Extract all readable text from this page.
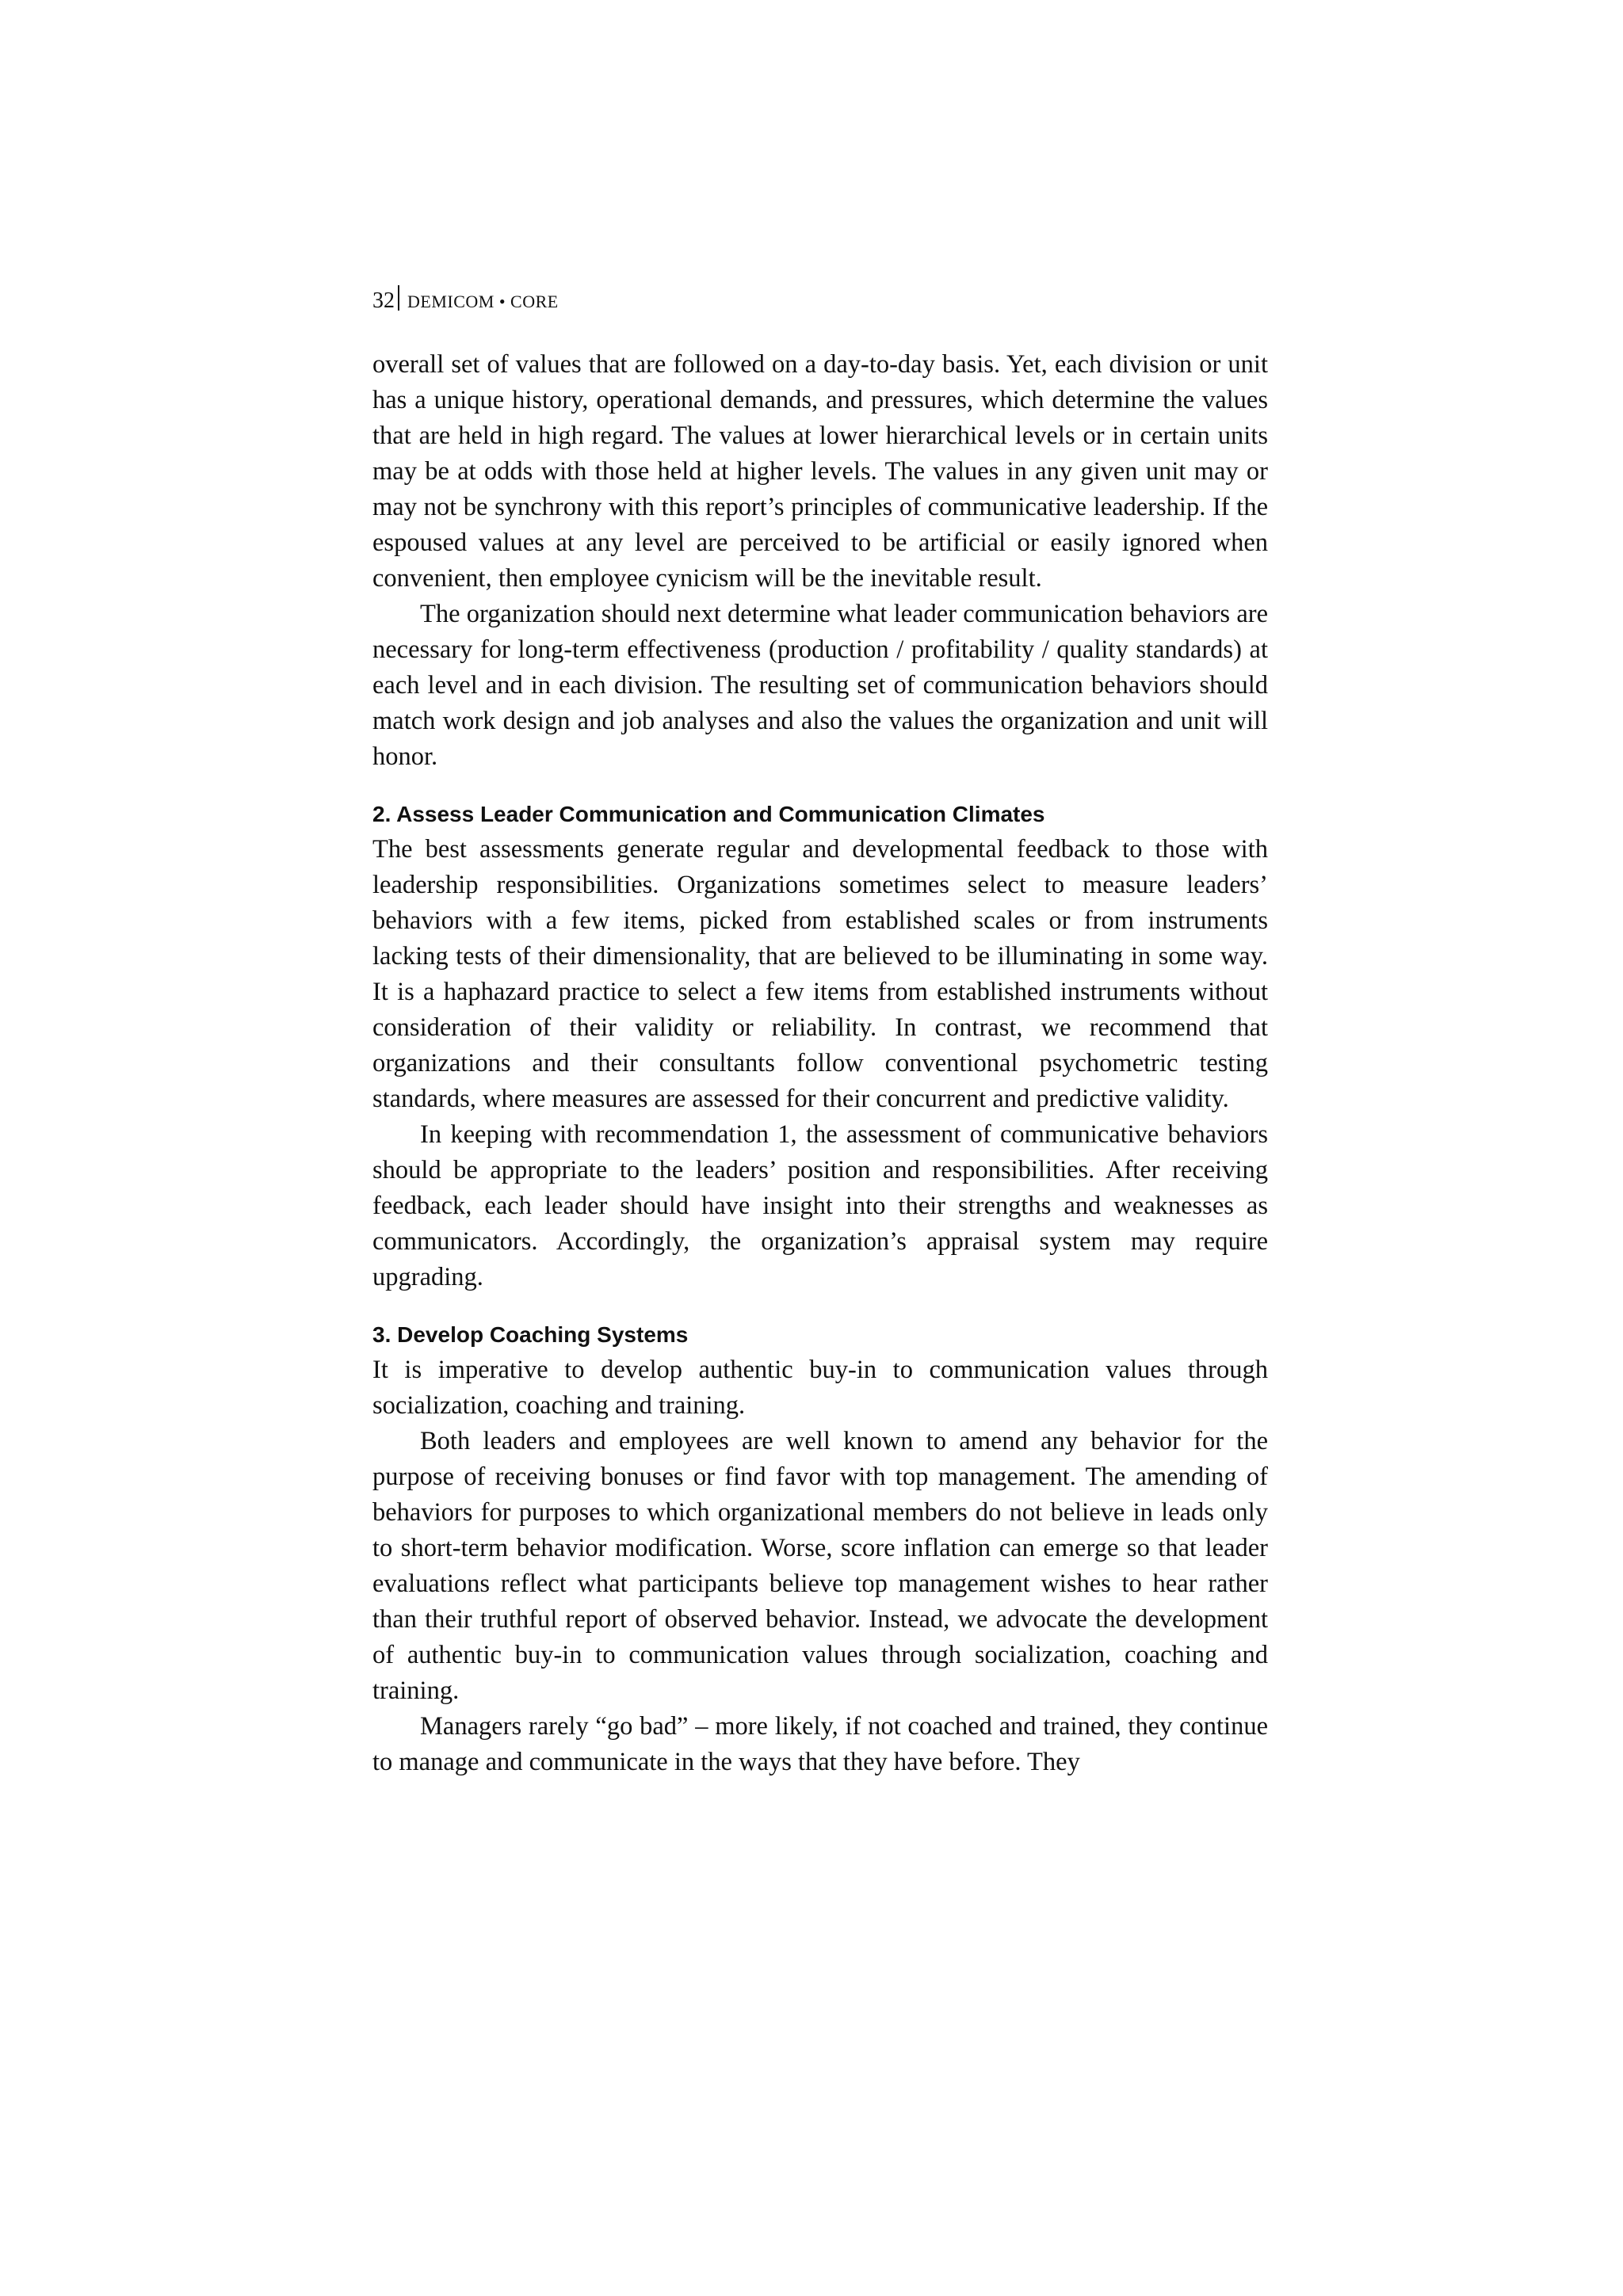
32 DEMICOM • CORE

overall set of values that are followed on a day-to-day basis. Yet, each division or unit has a unique history, operational demands, and pressures, which determine the values that are held in high regard. The values at lower hierarchical levels or in certain units may be at odds with those held at higher levels. The values in any given unit may or may not be synchrony with this report’s principles of communicative leadership. If the espoused values at any level are perceived to be artificial or easily ignored when convenient, then employee cynicism will be the inevitable result.

The organization should next determine what leader communication behaviors are necessary for long-term effectiveness (production / profitability / quality standards) at each level and in each division. The resulting set of communication behaviors should match work design and job analyses and also the values the organization and unit will honor.

2. Assess Leader Communication and Communication Climates

The best assessments generate regular and developmental feedback to those with leadership responsibilities. Organizations sometimes select to measure leaders’ behaviors with a few items, picked from established scales or from instruments lacking tests of their dimensionality, that are believed to be illuminating in some way. It is a haphazard practice to select a few items from established instruments without consideration of their validity or reliability. In contrast, we recommend that organizations and their consultants follow conventional psychometric testing standards, where measures are assessed for their concurrent and predictive validity.

In keeping with recommendation 1, the assessment of communicative behaviors should be appropriate to the leaders’ position and responsibilities. After receiving feedback, each leader should have insight into their strengths and weaknesses as communicators. Accordingly, the organization’s appraisal system may require upgrading.

3. Develop Coaching Systems

It is imperative to develop authentic buy-in to communication values through socialization, coaching and training.

Both leaders and employees are well known to amend any behavior for the purpose of receiving bonuses or find favor with top management. The amending of behaviors for purposes to which organizational members do not believe in leads only to short-term behavior modification. Worse, score inflation can emerge so that leader evaluations reflect what participants believe top management wishes to hear rather than their truthful report of observed behavior. Instead, we advocate the development of authentic buy-in to communication values through socialization, coaching and training.

Managers rarely “go bad” – more likely, if not coached and trained, they continue to manage and communicate in the ways that they have before. They
